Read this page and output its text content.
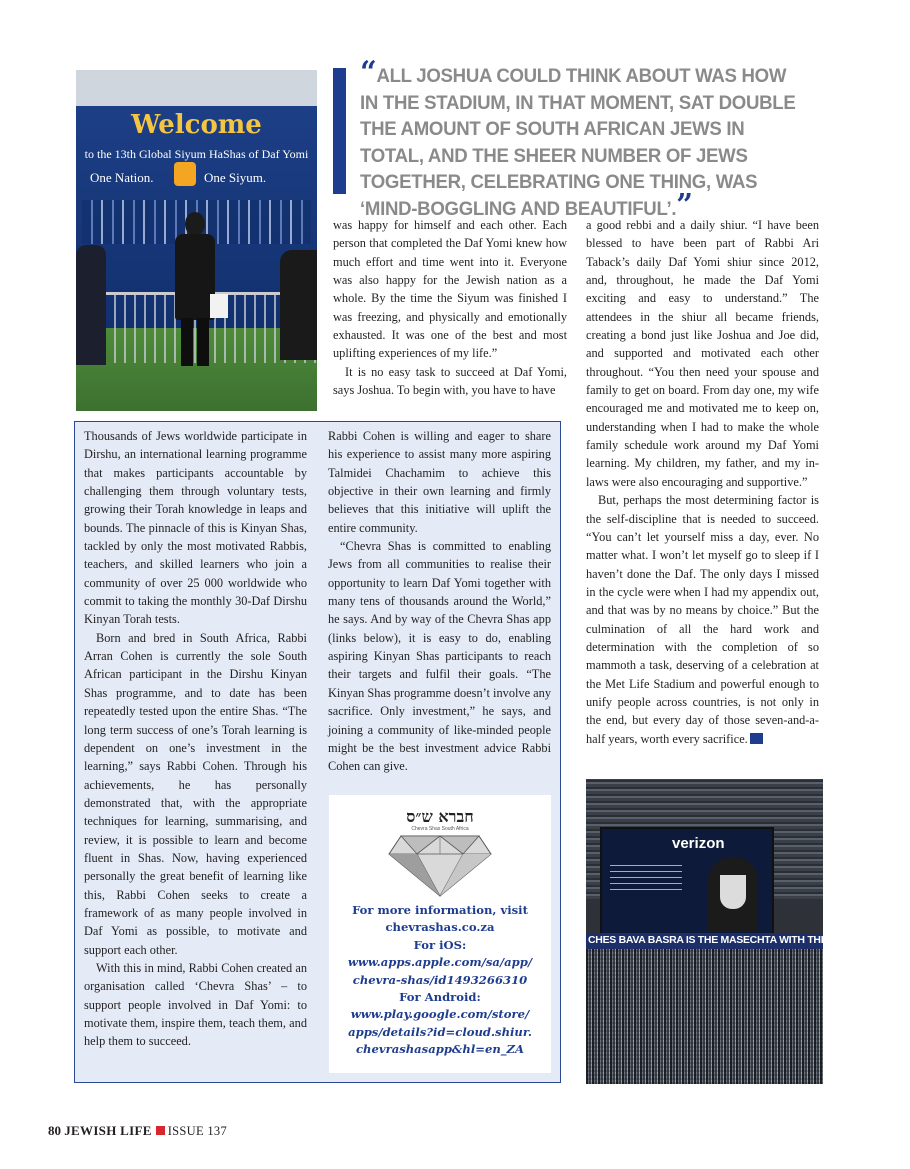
Welcome
to the 13th Global Siyum HaShas of Daf Yomi
One Nation.	One Siyum.
“ALL JOSHUA COULD THINK ABOUT WAS HOW IN THE STADIUM, IN THAT MOMENT, SAT DOUBLE THE AMOUNT OF SOUTH AFRICAN JEWS IN TOTAL, AND THE SHEER NUMBER OF JEWS TOGETHER, CELEBRATING ONE THING, WAS ‘MIND-BOGGLING AND BEAUTIFUL’.”

was happy for himself and each other. Each person that completed the Daf Yomi knew how much effort and time went into it. Everyone was also happy for the Jewish nation as a whole. By the time the Siyum was finished I was freezing, and physically and emotionally exhausted. It was one of the best and most uplifting experiences of my life.”

It is no easy task to succeed at Daf Yomi, says Joshua. To begin with, you have to have

a good rebbi and a daily shiur. “I have been blessed to have been part of Rabbi Ari Taback’s daily Daf Yomi shiur since 2012, and, throughout, he made the Daf Yomi exciting and easy to understand.” The attendees in the shiur all became friends, creating a bond just like Joshua and Joe did, and supported and motivated each other throughout. “You then need your spouse and family to get on board. From day one, my wife encouraged me and motivated me to keep on, understanding when I had to make the whole family schedule work around my Daf Yomi learning. My children, my father, and my in-laws were also encouraging and supportive.”

But, perhaps the most determining factor is the self-discipline that is needed to succeed. “You can’t let yourself miss a day, ever. No matter what. I won’t let myself go to sleep if I haven’t done the Daf. The only days I missed in the cycle were when I had my appendix out, and that was by no means by choice.” But the culmination of all the hard work and determination with the completion of so mammoth a task, deserving of a celebration at the Met Life Stadium and powerful enough to unify people across countries, is not only in the end, but every day of those seven-and-a-half years, worth every sacrifice.

Thousands of Jews worldwide participate in Dirshu, an international learning programme that makes participants accountable by challenging them through voluntary tests, growing their Torah knowledge in leaps and bounds. The pinnacle of this is Kinyan Shas, tackled by only the most motivated Rabbis, teachers, and skilled learners who join a community of over 25 000 worldwide who commit to taking the monthly 30-Daf Dirshu Kinyan Torah tests.

Born and bred in South Africa, Rabbi Arran Cohen is currently the sole South African participant in the Dirshu Kinyan Shas programme, and to date has been repeatedly tested upon the entire Shas. “The long term success of one’s Torah learning is dependent on one’s investment in the learning,” says Rabbi Cohen. Through his achievements, he has personally demonstrated that, with the appropriate techniques for learning, summarising, and review, it is possible to learn and become fluent in Shas. Now, having experienced personally the great benefit of learning like this, Rabbi Cohen seeks to create a framework of as many people involved in Daf Yomi as possible, to motivate and support each other.

With this in mind, Rabbi Cohen created an organisation called ‘Chevra Shas’ – to support people involved in Daf Yomi: to motivate them, inspire them, teach them, and help them to succeed.

Rabbi Cohen is willing and eager to share his experience to assist many more aspiring Talmidei Chachamim to achieve this objective in their own learning and firmly believes that this initiative will uplift the entire community.

“Chevra Shas is committed to enabling Jews from all communities to realise their opportunity to learn Daf Yomi together with many tens of thousands around the World,” he says. And by way of the Chevra Shas app (links below), it is easy to do, enabling aspiring Kinyan Shas participants to reach their targets and fulfil their goals. “The Kinyan Shas programme doesn’t involve any sacrifice. Only investment,” he says, and joining a community of like-minded people might be the best investment advice Rabbi Cohen can give.

חברא ש״ס
Chevra Shas South Africa
For more information, visit
chevrashas.co.za
For iOS:
www.apps.apple.com/sa/app/
chevra-shas/id1493266310
For Android:
www.play.google.com/store/
apps/details?id=cloud.shiur.
chevrashasapp&hl=en_ZA
verizon
CHES BAVA BASRA IS THE MASECHTA WITH THE MOST DAFIM (17
80 JEWISH LIFE ISSUE 137
